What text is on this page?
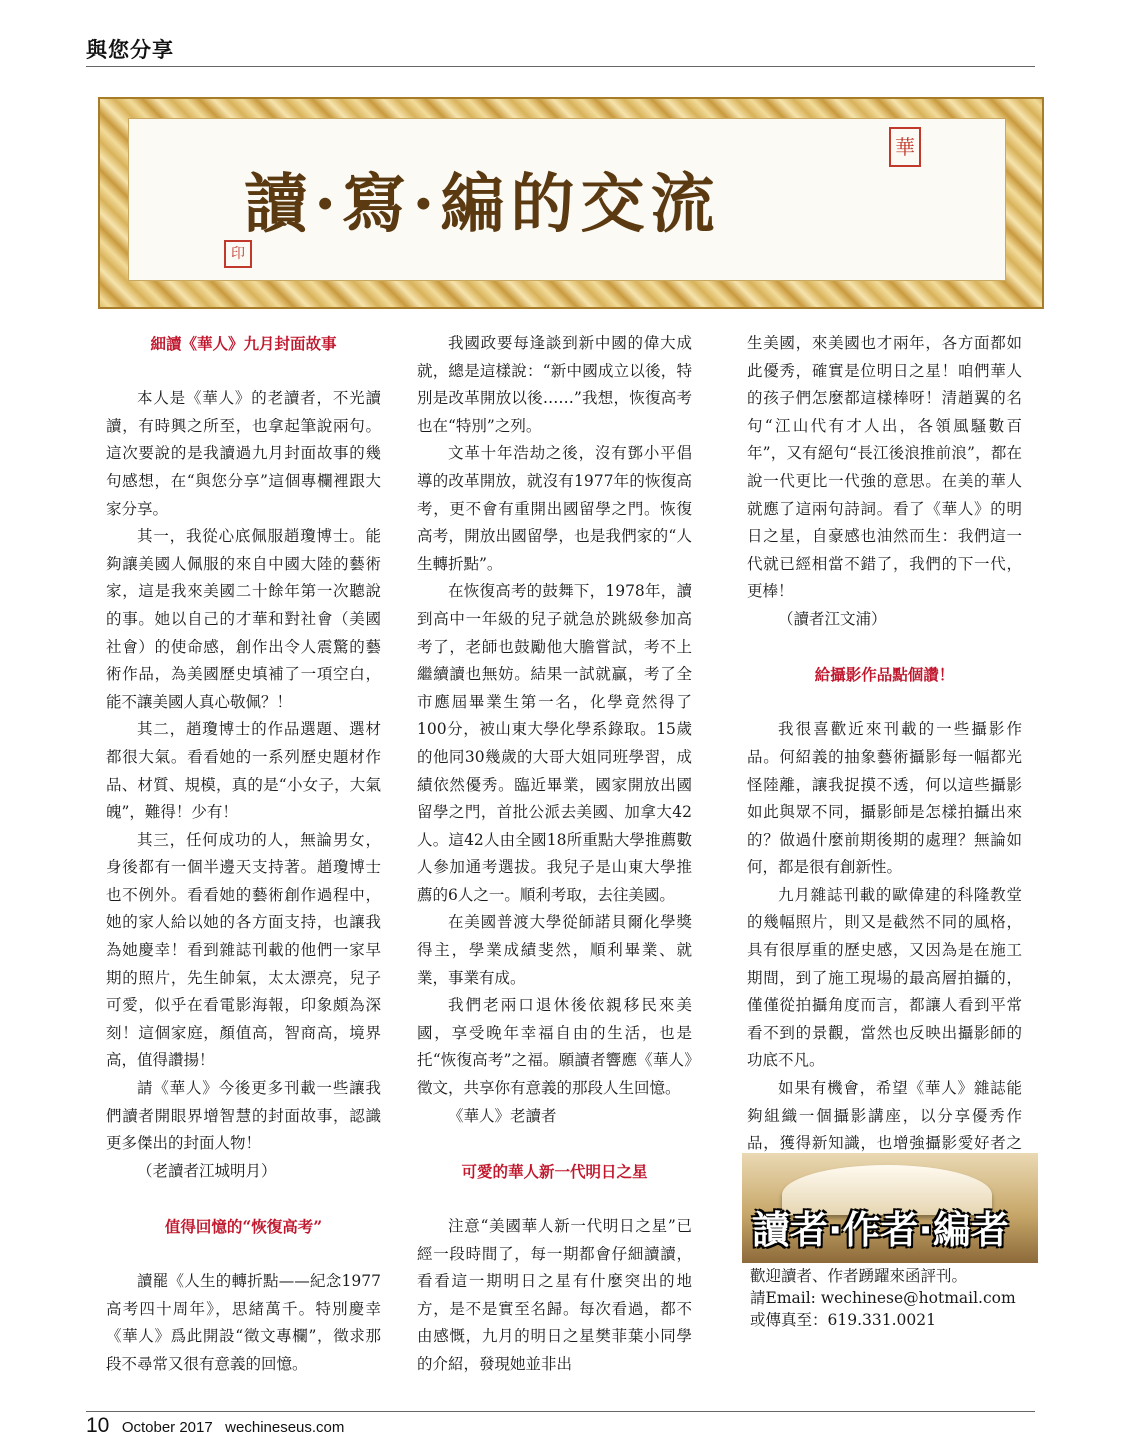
與您分享
讀·寫·編的交流
華
印
細讀《華人》九月封面故事

本人是《華人》的老讀者，不光讀讀，有時興之所至，也拿起筆說兩句。這次要說的是我讀過九月封面故事的幾句感想，在“與您分享”這個專欄裡跟大家分享。

其一，我從心底佩服趙瓊博士。能夠讓美國人佩服的來自中國大陸的藝術家，這是我來美國二十餘年第一次聽說的事。她以自己的才華和對社會（美國社會）的使命感，創作出令人震驚的藝術作品，為美國歷史填補了一項空白，能不讓美國人真心敬佩？！

其二，趙瓊博士的作品選題、選材都很大氣。看看她的一系列歷史題材作品、材質、規模，真的是“小女子，大氣魄”，難得！少有！

其三，任何成功的人，無論男女，身後都有一個半邊天支持著。趙瓊博士也不例外。看看她的藝術創作過程中，她的家人給以她的各方面支持，也讓我為她慶幸！看到雜誌刊載的他們一家早期的照片，先生帥氣，太太漂亮，兒子可愛，似乎在看電影海報，印象頗為深刻！這個家庭，顏值高，智商高，境界高，值得讚揚！

請《華人》今後更多刊載一些讓我們讀者開眼界增智慧的封面故事，認識更多傑出的封面人物！

（老讀者江城明月）

值得回憶的“恢復高考”

讀罷《人生的轉折點——紀念1977高考四十周年》，思緒萬千。特別慶幸《華人》爲此開設“徵文專欄”，徵求那段不尋常又很有意義的回憶。

我國政要每逢談到新中國的偉大成就，總是這樣說：“新中國成立以後，特別是改革開放以後……”我想，恢復高考也在“特別”之列。

文革十年浩劫之後，沒有鄧小平倡導的改革開放，就沒有1977年的恢復高考，更不會有重開出國留學之門。恢復高考，開放出國留學，也是我們家的“人生轉折點”。

在恢復高考的鼓舞下，1978年，讀到高中一年級的兒子就急於跳級參加高考了，老師也鼓勵他大膽嘗試，考不上繼續讀也無妨。結果一試就贏，考了全市應屆畢業生第一名，化學竟然得了100分，被山東大學化學系錄取。15歲的他同30幾歲的大哥大姐同班學習，成績依然優秀。臨近畢業，國家開放出國留學之門，首批公派去美國、加拿大42人。這42人由全國18所重點大學推薦數人參加通考選拔。我兒子是山東大學推薦的6人之一。順利考取，去往美國。

在美國普渡大學從師諾貝爾化學獎得主，學業成績斐然，順利畢業、就業，事業有成。

我們老兩口退休後依親移民來美國，享受晚年幸福自由的生活，也是托“恢復高考”之福。願讀者響應《華人》徵文，共享你有意義的那段人生回憶。

《華人》老讀者

可愛的華人新一代明日之星

注意“美國華人新一代明日之星”已經一段時間了，每一期都會仔細讀讀，看看這一期明日之星有什麼突出的地方，是不是實至名歸。每次看過，都不由感慨，九月的明日之星樊菲葉小同學的介紹，發現她並非出

生美國，來美國也才兩年，各方面都如此優秀，確實是位明日之星！咱們華人的孩子們怎麼都這樣棒呀！清趙翼的名句“江山代有才人出，各領風騷數百年”，又有絕句“長江後浪推前浪”，都在說一代更比一代強的意思。在美的華人就應了這兩句詩詞。看了《華人》的明日之星，自豪感也油然而生：我們這一代就已經相當不錯了，我們的下一代，更棒！

（讀者江文浦）

給攝影作品點個讚！

我很喜歡近來刊載的一些攝影作品。何紹義的抽象藝術攝影每一幅都光怪陸離，讓我捉摸不透，何以這些攝影如此與眾不同，攝影師是怎樣拍攝出來的？做過什麼前期後期的處理？無論如何，都是很有創新性。

九月雜誌刊載的歐偉建的科隆教堂的幾幅照片，則又是截然不同的風格，具有很厚重的歷史感，又因為是在施工期間，到了施工現場的最高層拍攝的，僅僅從拍攝角度而言，都讓人看到平常看不到的景觀，當然也反映出攝影師的功底不凡。

如果有機會，希望《華人》雜誌能夠組織一個攝影講座，以分享優秀作品，獲得新知識，也增強攝影愛好者之

讀者·作者·編者
歡迎讀者、作者踴躍來函評刊。
請Email: wechinese@hotmail.com
或傳真至：619.331.0021
10 October 2017 wechineseus.com
